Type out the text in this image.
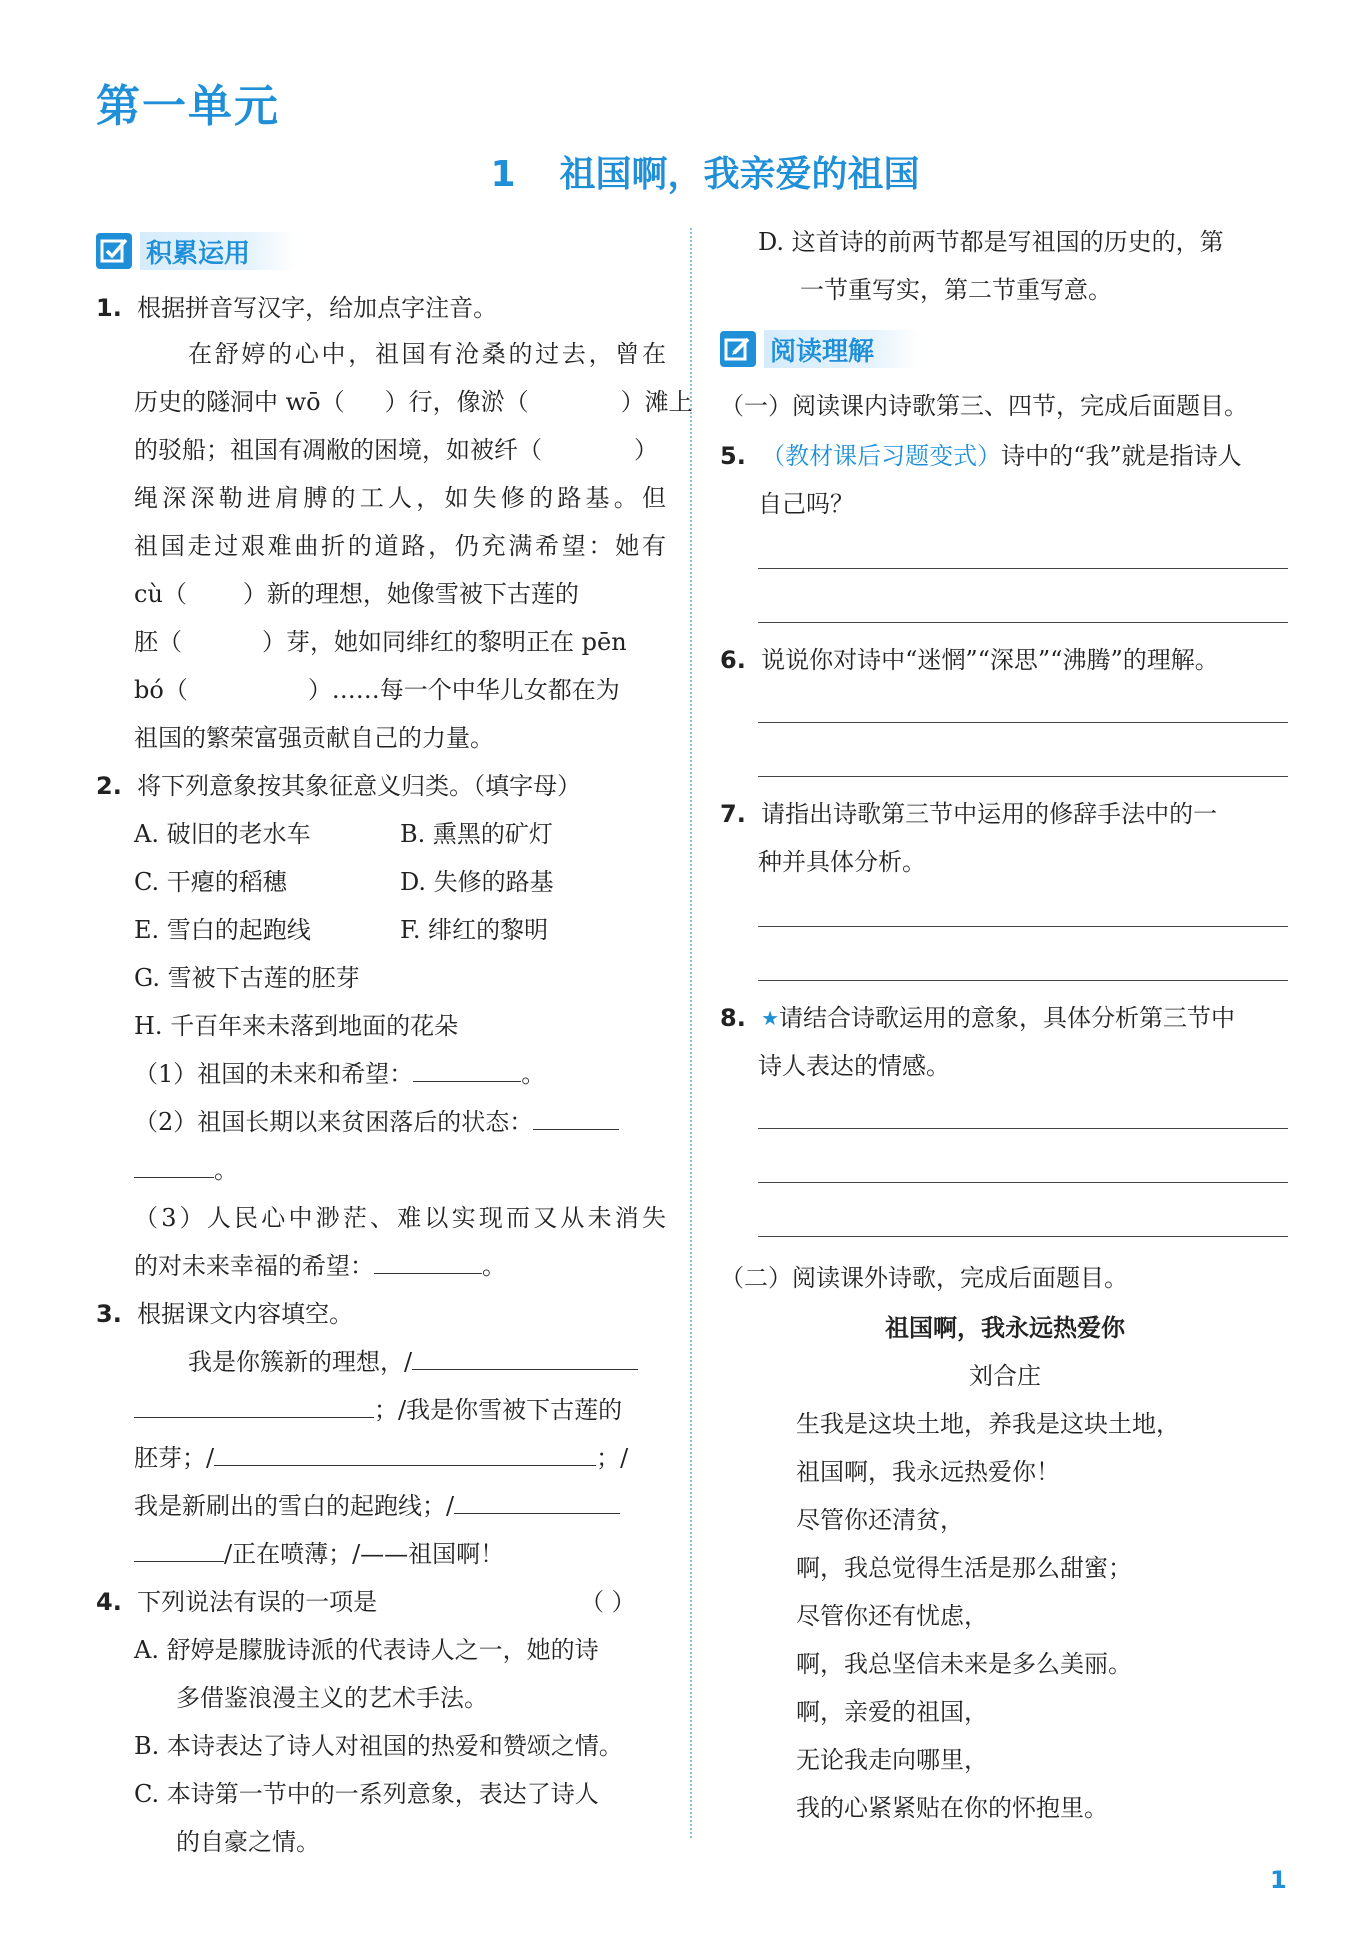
第一单元
1 祖国啊，我亲爱的祖国
积累运用
1. 根据拼音写汉字，给加点字注音。
在舒婷的心中，祖国有沧桑的过去，曾在
历史的隧洞中 wō（ ）行，像淤（	）滩上
的驳船；祖国有凋敝的困境，如被纤（	）
绳深深勒进肩膊的工人，如失修的路基。但
祖国走过艰难曲折的道路，仍充满希望：她有
cù（ ）新的理想，她像雪被下古莲的
胚（	）芽，她如同绯红的黎明正在 pēn
bó（	）……每一个中华儿女都在为
祖国的繁荣富强贡献自己的力量。
2. 将下列意象按其象征意义归类。（填字母）
A. 破旧的老水车	B. 熏黑的矿灯
C. 干瘪的稻穗	D. 失修的路基
E. 雪白的起跑线	F. 绯红的黎明
G. 雪被下古莲的胚芽
H. 千百年来未落到地面的花朵
（1）祖国的未来和希望：	。
（2）祖国长期以来贫困落后的状态：
。
（3）人民心中渺茫、难以实现而又从未消失
的对未来幸福的希望：	。
3. 根据课文内容填空。
我是你簇新的理想，/
；/我是你雪被下古莲的
胚芽；/	；/
我是新刷出的雪白的起跑线；/
/正在喷薄；/——祖国啊！
4. 下列说法有误的一项是	（ ）
A. 舒婷是朦胧诗派的代表诗人之一，她的诗
多借鉴浪漫主义的艺术手法。
B. 本诗表达了诗人对祖国的热爱和赞颂之情。
C. 本诗第一节中的一系列意象，表达了诗人
的自豪之情。
D. 这首诗的前两节都是写祖国的历史的，第
一节重写实，第二节重写意。
阅读理解
（一）阅读课内诗歌第三、四节，完成后面题目。
5. （教材课后习题变式）诗中的“我”就是指诗人
自己吗？
6. 说说你对诗中“迷惘”“深思”“沸腾”的理解。
7. 请指出诗歌第三节中运用的修辞手法中的一
种并具体分析。
8. ★请结合诗歌运用的意象，具体分析第三节中
诗人表达的情感。
（二）阅读课外诗歌，完成后面题目。
祖国啊，我永远热爱你
刘合庄
生我是这块土地，养我是这块土地，
祖国啊，我永远热爱你！
尽管你还清贫，
啊，我总觉得生活是那么甜蜜；
尽管你还有忧虑，
啊，我总坚信未来是多么美丽。
啊，亲爱的祖国，
无论我走向哪里，
我的心紧紧贴在你的怀抱里。
1
